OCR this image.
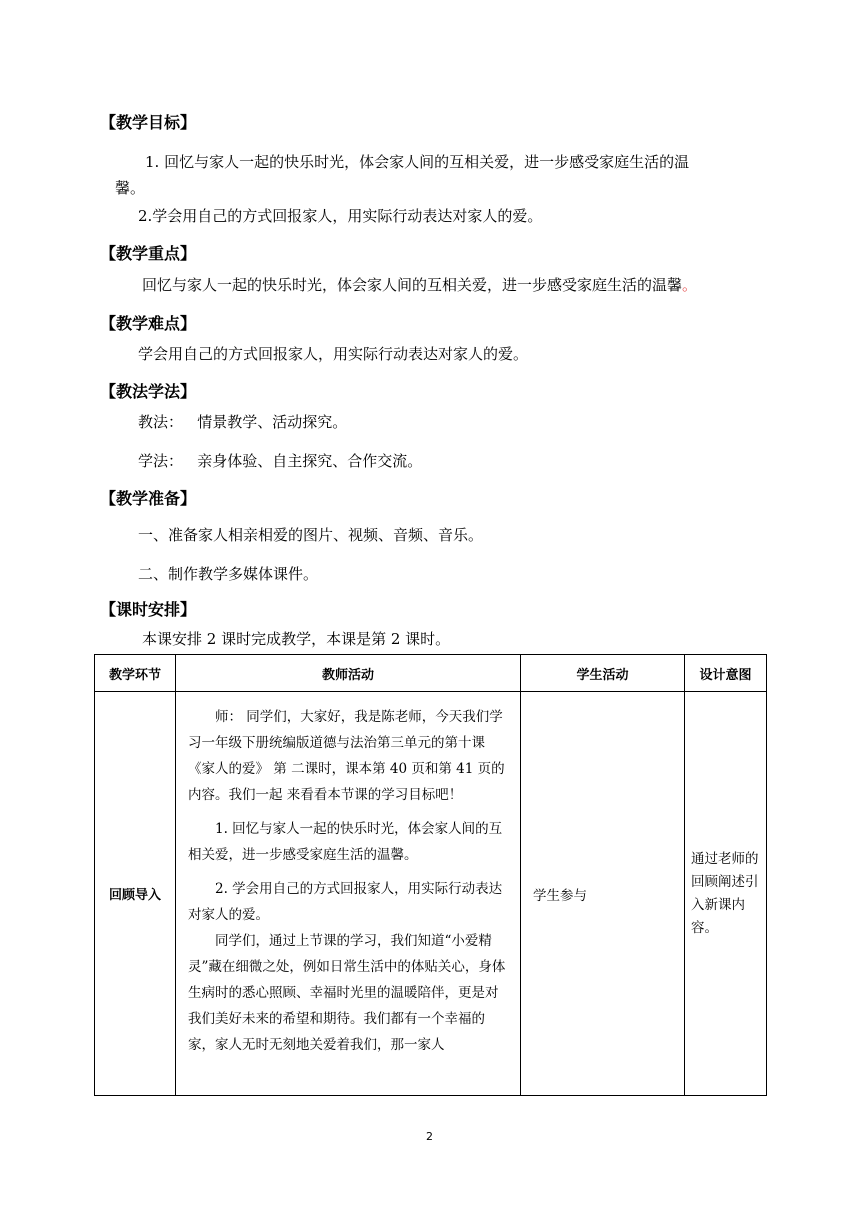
【教学目标】
1. 回忆与家人一起的快乐时光，体会家人间的互相关爱，进一步感受家庭生活的温
馨。
2.学会用自己的方式回报家人，用实际行动表达对家人的爱。
【教学重点】
回忆与家人一起的快乐时光，体会家人间的互相关爱，进一步感受家庭生活的温馨。
【教学难点】
学会用自己的方式回报家人，用实际行动表达对家人的爱。
【教法学法】
教法：   情景教学、活动探究。
学法：   亲身体验、自主探究、合作交流。
【教学准备】
一、准备家人相亲相爱的图片、视频、音频、音乐。
二、制作教学多媒体课件。
【课时安排】
本课安排 2 课时完成教学，本课是第 2 课时。
教学环节	教师活动	学生活动	设计意图
回顾导入	师： 同学们，大家好，我是陈老师，今天我们学习一年级下册统编版道德与法治第三单元的第十课《家人的爱》 第 二课时，课本第 40 页和第 41 页的内容。我们一起 来看看本节课的学习目标吧！

1. 回忆与家人一起的快乐时光，体会家人间的互相关爱，进一步感受家庭生活的温馨。

2. 学会用自己的方式回报家人，用实际行动表达对家人的爱。

同学们，通过上节课的学习，我们知道“小爱精灵”藏在细微之处，例如日常生活中的体贴关心，身体生病时的悉心照顾、幸福时光里的温暖陪伴，更是对我们美好未来的希望和期待。我们都有一个幸福的家，家人无时无刻地关爱着我们，那一家人	学生参与	通过老师的回顾阐述引入新课内容。
2
